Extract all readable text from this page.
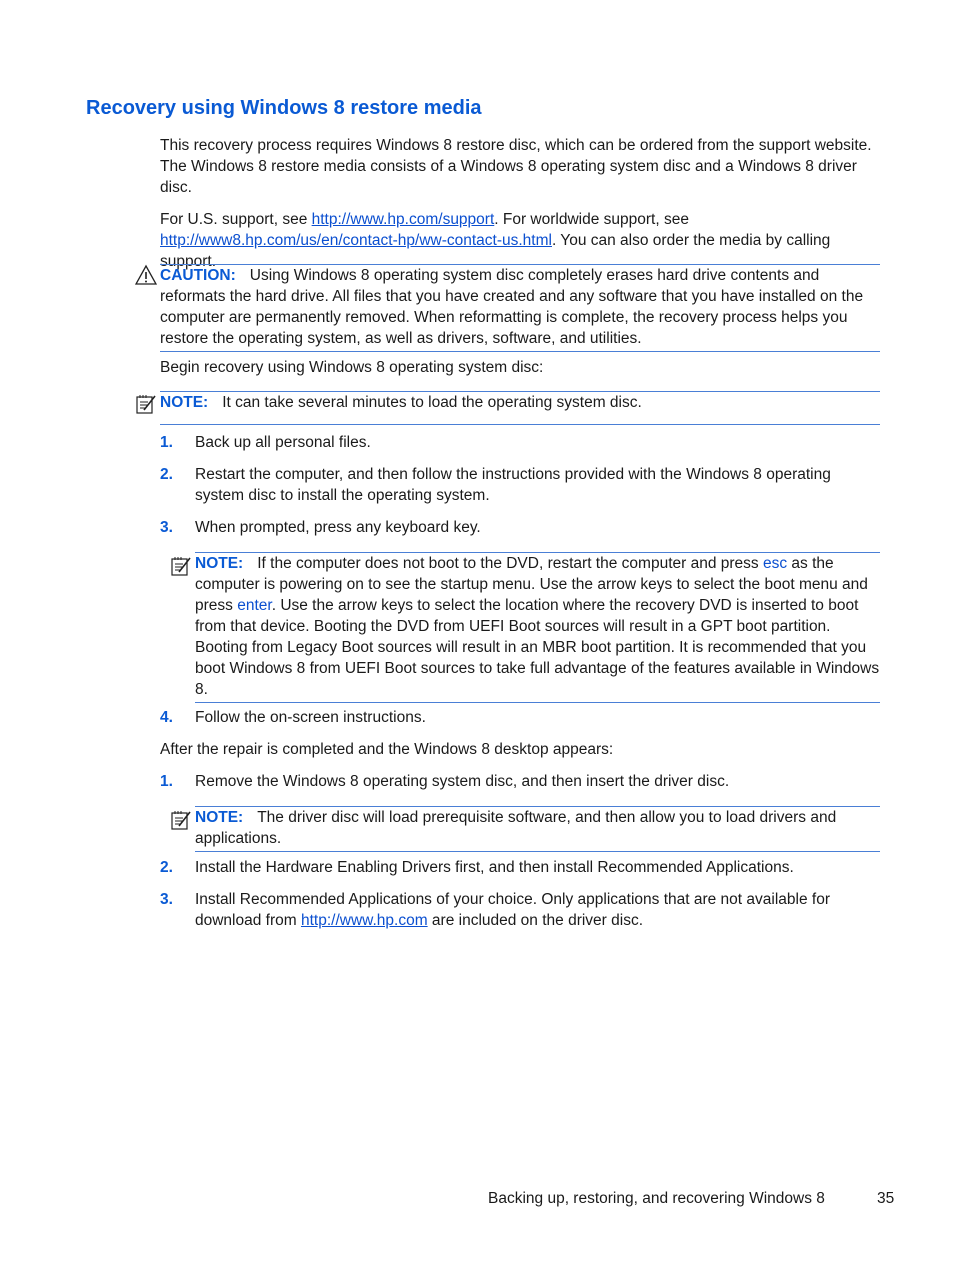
Recovery using Windows 8 restore media
This recovery process requires Windows 8 restore disc, which can be ordered from the support website. The Windows 8 restore media consists of a Windows 8 operating system disc and a Windows 8 driver disc.
For U.S. support, see http://www.hp.com/support. For worldwide support, see http://www8.hp.com/us/en/contact-hp/ww-contact-us.html. You can also order the media by calling support.
CAUTION: Using Windows 8 operating system disc completely erases hard drive contents and reformats the hard drive. All files that you have created and any software that you have installed on the computer are permanently removed. When reformatting is complete, the recovery process helps you restore the operating system, as well as drivers, software, and utilities.
Begin recovery using Windows 8 operating system disc:
NOTE: It can take several minutes to load the operating system disc.
1. Back up all personal files.
2. Restart the computer, and then follow the instructions provided with the Windows 8 operating system disc to install the operating system.
3. When prompted, press any keyboard key.
NOTE: If the computer does not boot to the DVD, restart the computer and press esc as the computer is powering on to see the startup menu. Use the arrow keys to select the boot menu and press enter. Use the arrow keys to select the location where the recovery DVD is inserted to boot from that device. Booting the DVD from UEFI Boot sources will result in a GPT boot partition. Booting from Legacy Boot sources will result in an MBR boot partition. It is recommended that you boot Windows 8 from UEFI Boot sources to take full advantage of the features available in Windows 8.
4. Follow the on-screen instructions.
After the repair is completed and the Windows 8 desktop appears:
1. Remove the Windows 8 operating system disc, and then insert the driver disc.
NOTE: The driver disc will load prerequisite software, and then allow you to load drivers and applications.
2. Install the Hardware Enabling Drivers first, and then install Recommended Applications.
3. Install Recommended Applications of your choice. Only applications that are not available for download from http://www.hp.com are included on the driver disc.
Backing up, restoring, and recovering Windows 8	35
